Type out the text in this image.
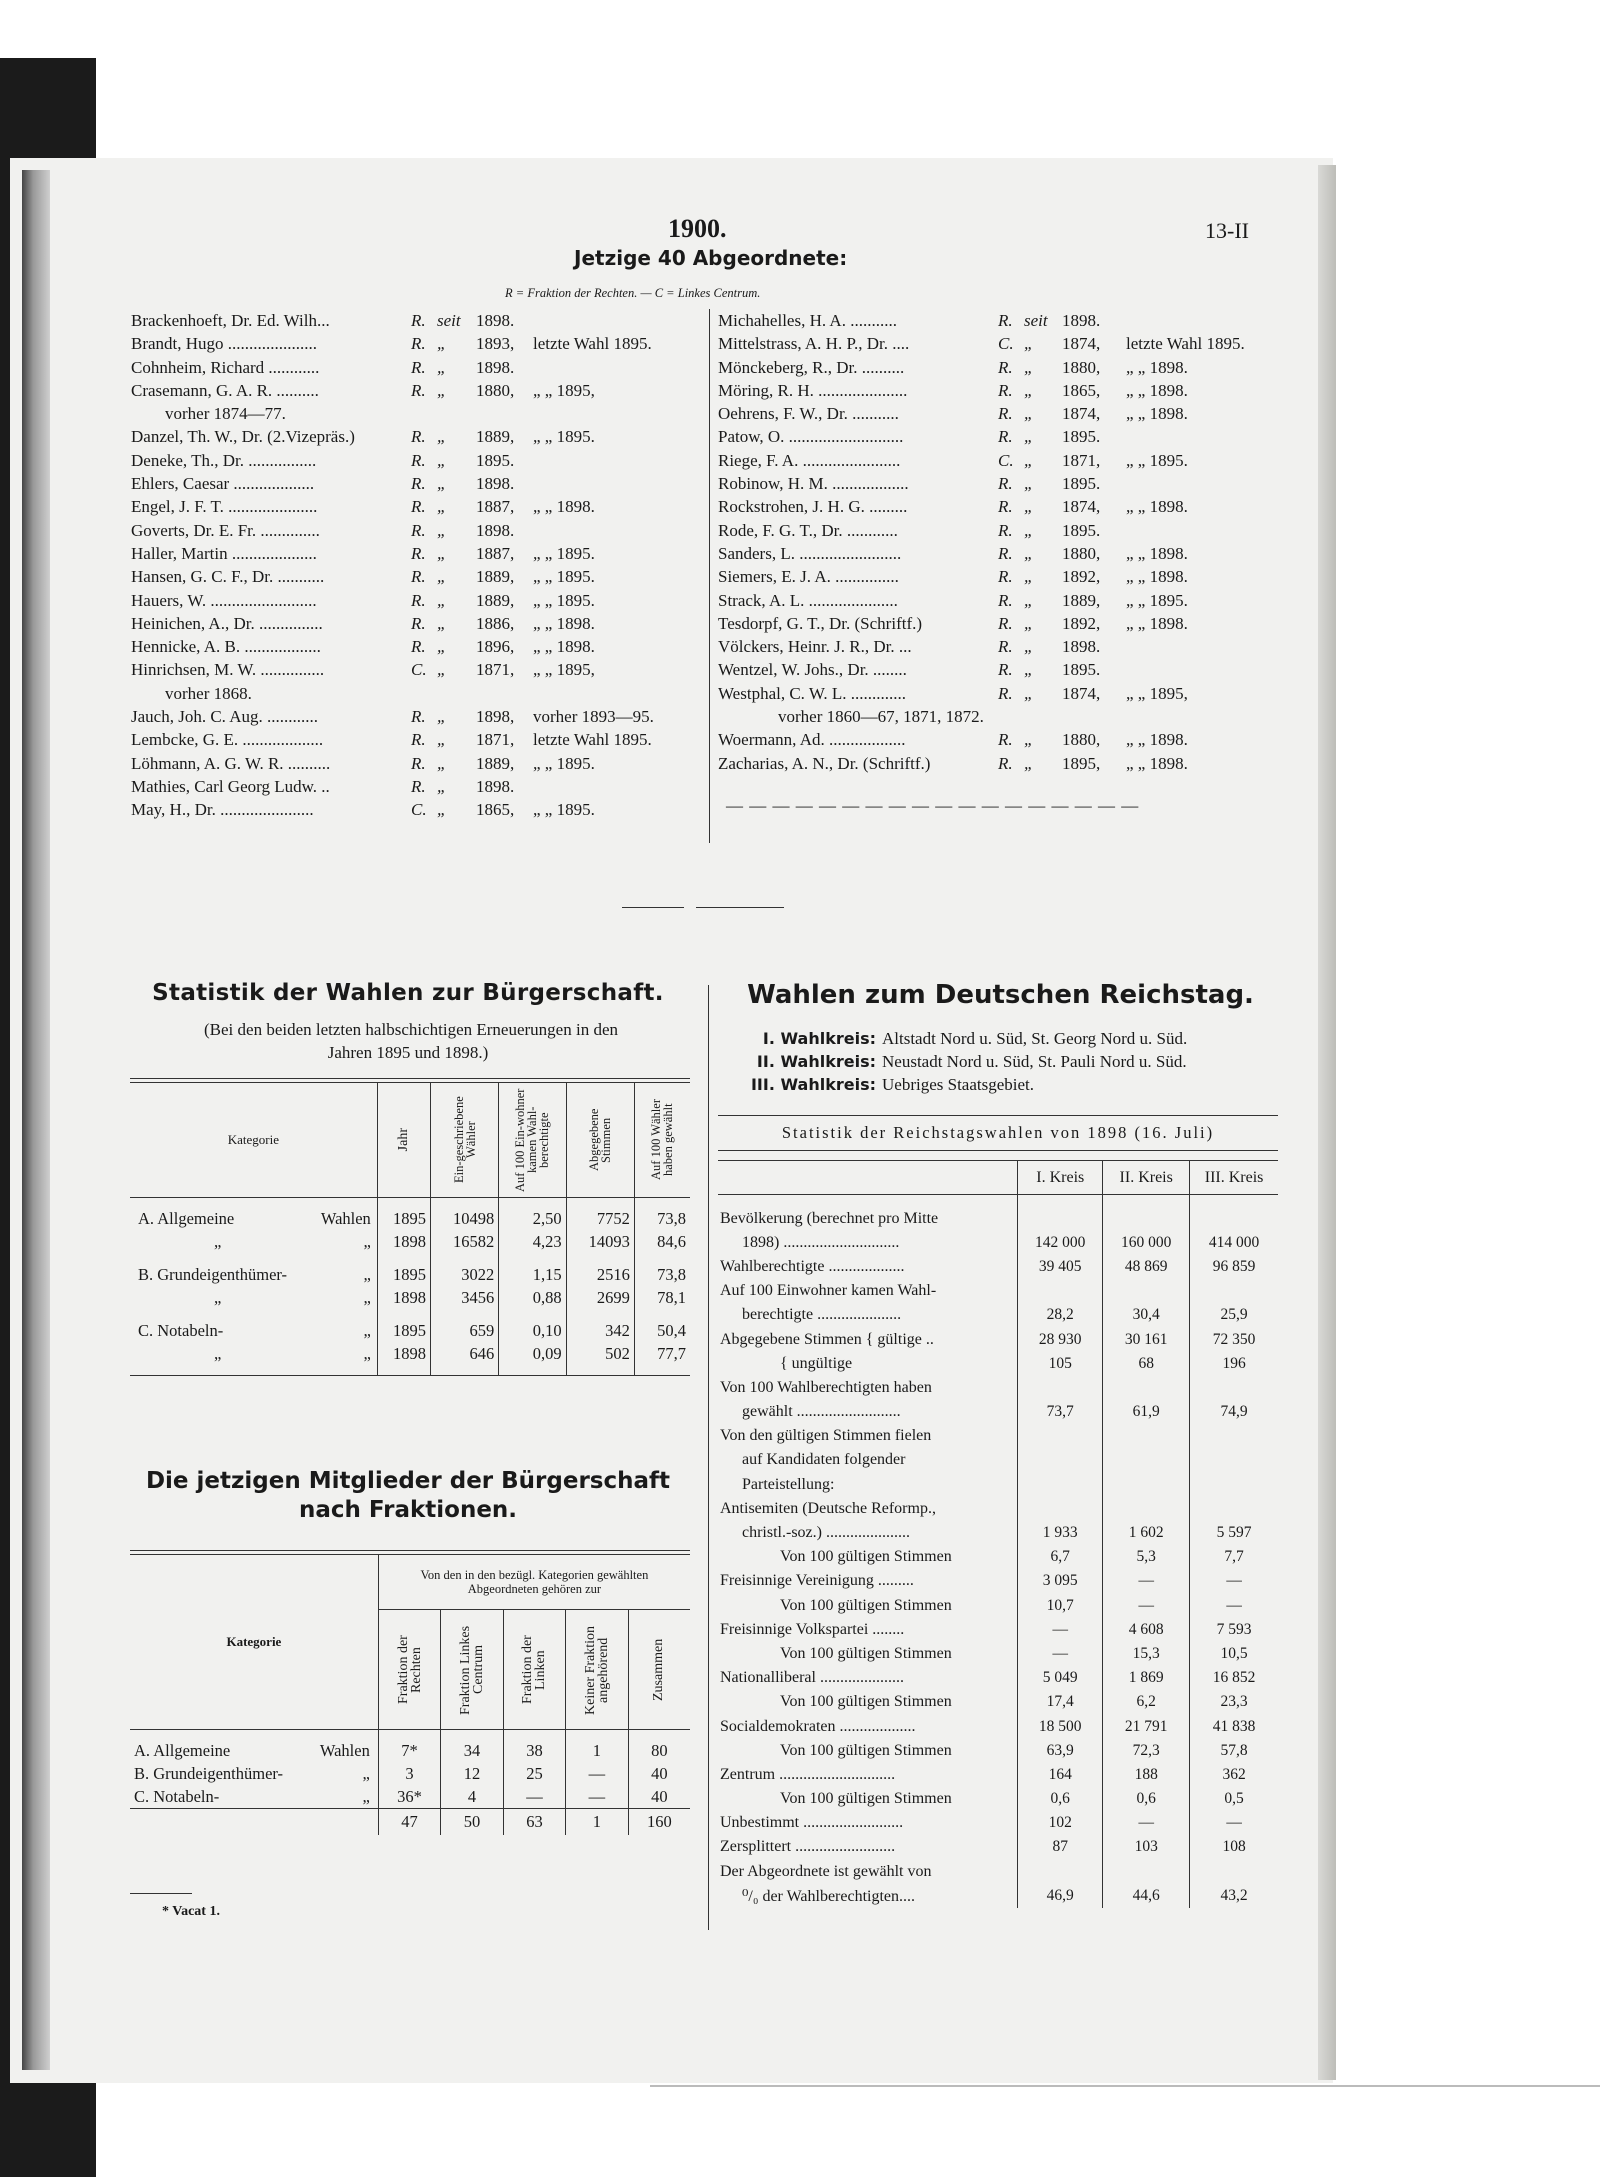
1900.	13-II
Jetzige 40 Abgeordnete:
R = Fraktion der Rechten. — C = Linkes Centrum.
Brackenhoeft, Dr. Ed. Wilh...	R. seit 1898.
Brandt, Hugo .....................	R. „ 1893, letzte Wahl 1895.
Cohnheim, Richard ............	R. „ 1898.
Crasemann, G. A. R. ..........	R. „ 1880, „ „ 1895,
vorher 1874—77.
Danzel, Th. W., Dr. (2.Vizepräs.)	R. „ 1889, „ „ 1895.
Deneke, Th., Dr. ................	R. „ 1895.
Ehlers, Caesar ...................	R. „ 1898.
Engel, J. F. T. .....................	R. „ 1887, „ „ 1898.
Goverts, Dr. E. Fr. ..............	R. „ 1898.
Haller, Martin ....................	R. „ 1887, „ „ 1895.
Hansen, G. C. F., Dr. ...........	R. „ 1889, „ „ 1895.
Hauers, W. .........................	R. „ 1889, „ „ 1895.
Heinichen, A., Dr. ...............	R. „ 1886, „ „ 1898.
Hennicke, A. B. ..................	R. „ 1896, „ „ 1898.
Hinrichsen, M. W. ...............	C. „ 1871, „ „ 1895,
vorher 1868.
Jauch, Joh. C. Aug. ............	R. „ 1898, vorher 1893—95.
Lembcke, G. E. ...................	R. „ 1871, letzte Wahl 1895.
Löhmann, A. G. W. R. ..........	R. „ 1889, „ „ 1895.
Mathies, Carl Georg Ludw. ..	R. „ 1898.
May, H., Dr. ......................	C. „ 1865, „ „ 1895.
Michahelles, H. A. ...........	R. seit 1898.
Mittelstrass, A. H. P., Dr. ....	C. „ 1874, letzte Wahl 1895.
Mönckeberg, R., Dr. ..........	R. „ 1880, „ „ 1898.
Möring, R. H. .....................	R. „ 1865, „ „ 1898.
Oehrens, F. W., Dr. ...........	R. „ 1874, „ „ 1898.
Patow, O. ...........................	R. „ 1895.
Riege, F. A. .......................	C. „ 1871, „ „ 1895.
Robinow, H. M. ..................	R. „ 1895.
Rockstrohen, J. H. G. .........	R. „ 1874, „ „ 1898.
Rode, F. G. T., Dr. ............	R. „ 1895.
Sanders, L. ........................	R. „ 1880, „ „ 1898.
Siemers, E. J. A. ...............	R. „ 1892, „ „ 1898.
Strack, A. L. .....................	R. „ 1889, „ „ 1895.
Tesdorpf, G. T., Dr. (Schriftf.)	R. „ 1892, „ „ 1898.
Völckers, Heinr. J. R., Dr. ...	R. „ 1898.
Wentzel, W. Johs., Dr. ........	R. „ 1895.
Westphal, C. W. L. .............	R. „ 1874, „ „ 1895,
vorher 1860—67, 1871, 1872.
Woermann, Ad. ..................	R. „ 1880, „ „ 1898.
Zacharias, A. N., Dr. (Schriftf.)	R. „ 1895, „ „ 1898.
— — — — — — — — — — — — — — — — — —
Statistik der Wahlen zur Bürgerschaft.
(Bei den beiden letzten halbschichtigen Erneuerungen in den
Jahren 1895 und 1898.)
Kategorie	Jahr	Ein-geschriebene Wähler	Auf 100 Ein-wohner kamen Wahl-berechtigte	Abgegebene Stimmen	Auf 100 Wähler haben gewählt

A. Allgemeine Wahlen	1895	10498	2,50	7752	73,8
„ „	1898	16582	4,23	14093	84,6

B. Grundeigenthümer- „	1895	3022	1,15	2516	73,8
„ „	1898	3456	0,88	2699	78,1

C. Notabeln- „	1895	659	0,10	342	50,4
„ „	1898	646	0,09	502	77,7

Die jetzigen Mitglieder der Bürgerschaft
nach Fraktionen.
Kategorie	Von den in den bezügl. Kategorien gewählten Abgeordneten gehören zur				

	Fraktion der Rechten	Fraktion Linkes Centrum	Fraktion der Linken	Keiner Fraktion angehörend	Zusammen

A. Allgemeine Wahlen	7*	34	38	1	80
B. Grundeigenthümer- „	3	12	25	—	40
C. Notabeln- „	36*	4	—	—	40
	47	50	63	1	160
* Vacat 1.
Wahlen zum Deutschen Reichstag.
I. Wahlkreis: Altstadt Nord u. Süd, St. Georg Nord u. Süd.
II. Wahlkreis: Neustadt Nord u. Süd, St. Pauli Nord u. Süd.
III. Wahlkreis: Uebriges Staatsgebiet.
Statistik der Reichstagswahlen von 1898 (16. Juli)
	I. Kreis	II. Kreis	III. Kreis

Bevölkerung (berechnet pro Mitte			
1898) .............................	142 000	160 000	414 000
Wahlberechtigte ...................	39 405	48 869	96 859
Auf 100 Einwohner kamen Wahl-			
berechtigte .....................	28,2	30,4	25,9
Abgegebene Stimmen { gültige ..	28 930	30 161	72 350
{ ungültige	105	68	196
Von 100 Wahlberechtigten haben			
gewählt ..........................	73,7	61,9	74,9
Von den gültigen Stimmen fielen			
auf Kandidaten folgender			
Parteistellung:			
Antisemiten (Deutsche Reformp.,			
christl.-soz.) .....................	1 933	1 602	5 597
Von 100 gültigen Stimmen	6,7	5,3	7,7
Freisinnige Vereinigung .........	3 095	—	—
Von 100 gültigen Stimmen	10,7	—	—
Freisinnige Volkspartei ........	—	4 608	7 593
Von 100 gültigen Stimmen	—	15,3	10,5
Nationalliberal .....................	5 049	1 869	16 852
Von 100 gültigen Stimmen	17,4	6,2	23,3
Socialdemokraten ...................	18 500	21 791	41 838
Von 100 gültigen Stimmen	63,9	72,3	57,8
Zentrum .............................	164	188	362
Von 100 gültigen Stimmen	0,6	0,6	0,5
Unbestimmt .........................	102	—	—
Zersplittert .........................	87	103	108
Der Abgeordnete ist gewählt von			
⁰/₀ der Wahlberechtigten....	46,9	44,6	43,2
